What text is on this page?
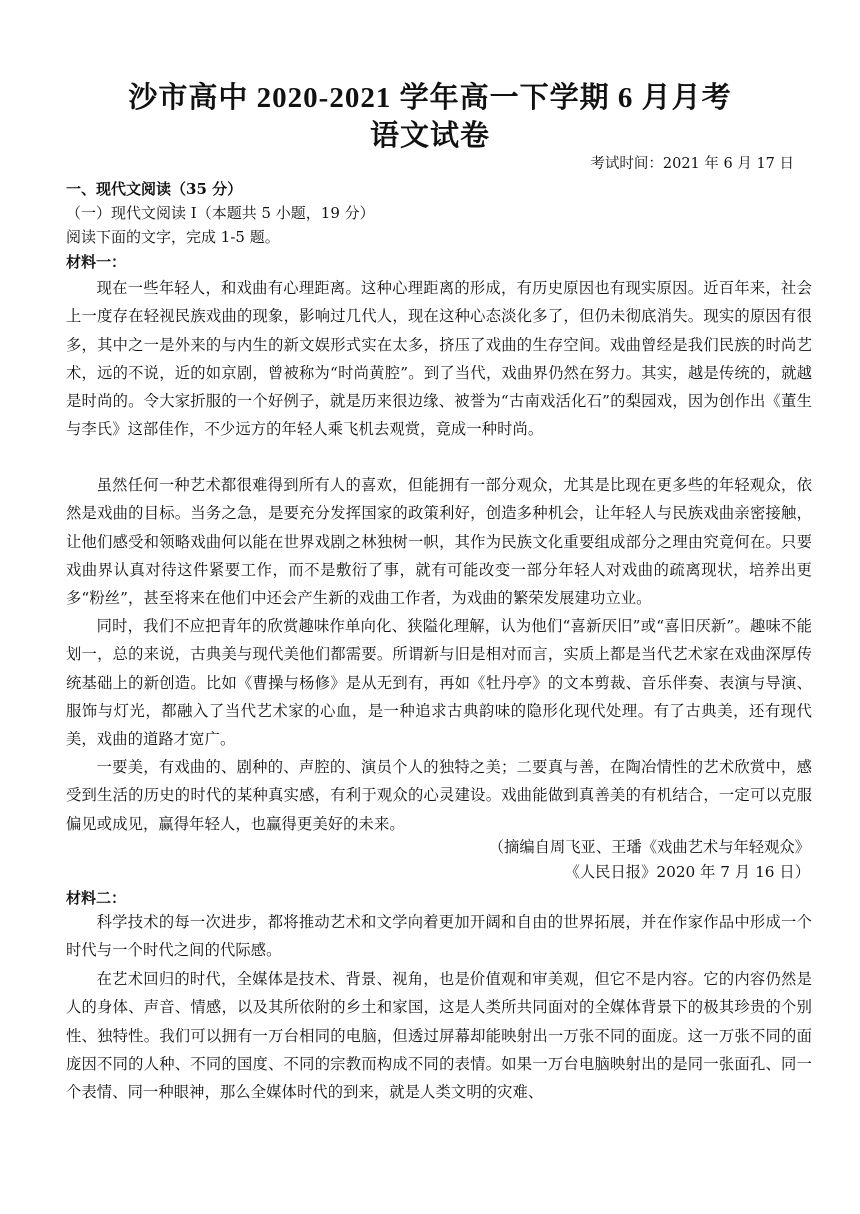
沙市高中 2020-2021 学年高一下学期 6 月月考
语文试卷
考试时间：2021 年 6 月 17 日
一、现代文阅读（35 分）
（一）现代文阅读 I（本题共 5 小题，19 分）
阅读下面的文字，完成 1-5 题。
材料一：

现在一些年轻人，和戏曲有心理距离。这种心理距离的形成，有历史原因也有现实原因。近百年来，社会上一度存在轻视民族戏曲的现象，影响过几代人，现在这种心态淡化多了，但仍未彻底消失。现实的原因有很多，其中之一是外来的与内生的新文娱形式实在太多，挤压了戏曲的生存空间。戏曲曾经是我们民族的时尚艺术，远的不说，近的如京剧，曾被称为“时尚黄腔”。到了当代，戏曲界仍然在努力。其实，越是传统的，就越是时尚的。令大家折服的一个好例子，就是历来很边缘、被誉为“古南戏活化石”的梨园戏，因为创作出《董生与李氏》这部佳作，不少远方的年轻人乘飞机去观赏，竟成一种时尚。

虽然任何一种艺术都很难得到所有人的喜欢，但能拥有一部分观众，尤其是比现在更多些的年轻观众，依然是戏曲的目标。当务之急，是要充分发挥国家的政策利好，创造多种机会，让年轻人与民族戏曲亲密接触，让他们感受和领略戏曲何以能在世界戏剧之林独树一帜，其作为民族文化重要组成部分之理由究竟何在。只要戏曲界认真对待这件紧要工作，而不是敷衍了事，就有可能改变一部分年轻人对戏曲的疏离现状，培养出更多“粉丝”，甚至将来在他们中还会产生新的戏曲工作者，为戏曲的繁荣发展建功立业。

同时，我们不应把青年的欣赏趣味作单向化、狭隘化理解，认为他们“喜新厌旧”或“喜旧厌新”。趣味不能划一，总的来说，古典美与现代美他们都需要。所谓新与旧是相对而言，实质上都是当代艺术家在戏曲深厚传统基础上的新创造。比如《曹操与杨修》是从无到有，再如《牡丹亭》的文本剪裁、音乐伴奏、表演与导演、服饰与灯光，都融入了当代艺术家的心血，是一种追求古典韵味的隐形化现代处理。有了古典美，还有现代美，戏曲的道路才宽广。

一要美，有戏曲的、剧种的、声腔的、演员个人的独特之美；二要真与善，在陶冶情性的艺术欣赏中，感受到生活的历史的时代的某种真实感，有利于观众的心灵建设。戏曲能做到真善美的有机结合，一定可以克服偏见或成见，赢得年轻人，也赢得更美好的未来。

（摘编自周飞亚、王璠《戏曲艺术与年轻观众》
《人民日报》2020 年 7 月 16 日）
材料二：

科学技术的每一次进步，都将推动艺术和文学向着更加开阔和自由的世界拓展，并在作家作品中形成一个时代与一个时代之间的代际感。

在艺术回归的时代，全媒体是技术、背景、视角，也是价值观和审美观，但它不是内容。它的内容仍然是人的身体、声音、情感，以及其所依附的乡土和家国，这是人类所共同面对的全媒体背景下的极其珍贵的个别性、独特性。我们可以拥有一万台相同的电脑，但透过屏幕却能映射出一万张不同的面庞。这一万张不同的面庞因不同的人种、不同的国度、不同的宗教而构成不同的表情。如果一万台电脑映射出的是同一张面孔、同一个表情、同一种眼神，那么全媒体时代的到来，就是人类文明的灾难、
